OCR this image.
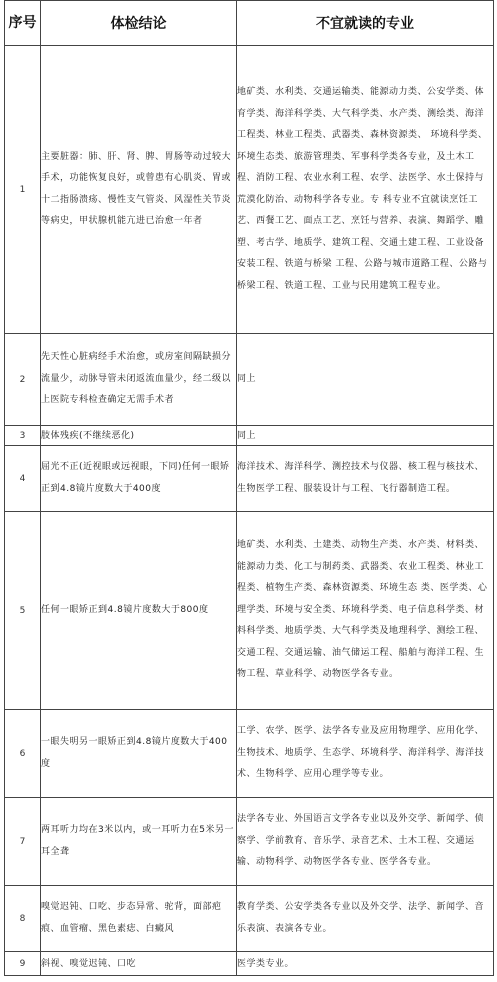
序号	体检结论	不宜就读的专业
1	主要脏器：肺、肝、肾、脾、胃肠等动过较大手术，功能恢复良好，或曾患有心肌炎、胃或十二指肠溃疡、慢性支气管炎、风湿性关节炎等病史，甲状腺机能亢进已治愈一年者	地矿类、水利类、交通运输类、能源动力类、公安学类、体育学类、海洋科学类、大气科学类、水产类、测绘类、海洋工程类、林业工程类、武器类、森林资源类、 环境科学类、环境生态类、旅游管理类、军事科学类各专业，及土木工程、消防工程、农业水利工程、农学、法医学、水土保持与荒漠化防治、动物科学各专业。专 科专业不宜就读烹饪工艺、西餐工艺、面点工艺、烹饪与营养、表演、舞蹈学、雕塑、考古学、地质学、建筑工程、交通土建工程、工业设备安装工程、铁道与桥梁 工程、公路与城市道路工程、公路与桥梁工程、铁道工程、工业与民用建筑工程专业。
2	先天性心脏病经手术治愈，或房室间隔缺损分流量少，动脉导管未闭返流血量少，经二级以上医院专科检查确定无需手术者	同上
3	肢体残疾(不继续恶化)	同上
4	屈光不正(近视眼或远视眼，下同)任何一眼矫正到4.8镜片度数大于400度	海洋技术、海洋科学、测控技术与仪器、核工程与核技术、生物医学工程、服装设计与工程、飞行器制造工程。
5	任何一眼矫正到4.8镜片度数大于800度	地矿类、水利类、土建类、动物生产类、水产类、材料类、能源动力类、化工与制药类、武器类、农业工程类、林业工程类、植物生产类、森林资源类、环境生态 类、医学类、心理学类、环境与安全类、环境科学类、电子信息科学类、材料科学类、地质学类、大气科学类及地理科学、测绘工程、交通工程、交通运输、油气储运工程、船舶与海洋工程、生物工程、草业科学、动物医学各专业。
6	一眼失明另一眼矫正到4.8镜片度数大于400度	工学、农学、医学、法学各专业及应用物理学、应用化学、生物技术、地质学、生态学、环境科学、海洋科学、海洋技术、生物科学、应用心理学等专业。
7	两耳听力均在3米以内，或一耳听力在5米另一耳全聋	法学各专业、外国语言文学各专业以及外交学、新闻学、侦察学、学前教育、音乐学、录音艺术、土木工程、交通运输、动物科学、动物医学各专业、医学各专业。
8	嗅觉迟钝、口吃、步态异常、驼背，面部疤痕、血管瘤、黑色素痣、白癜风	教育学类、公安学类各专业以及外交学、法学、新闻学、音乐表演、表演各专业。
9	斜视、嗅觉迟钝、口吃	医学类专业。
